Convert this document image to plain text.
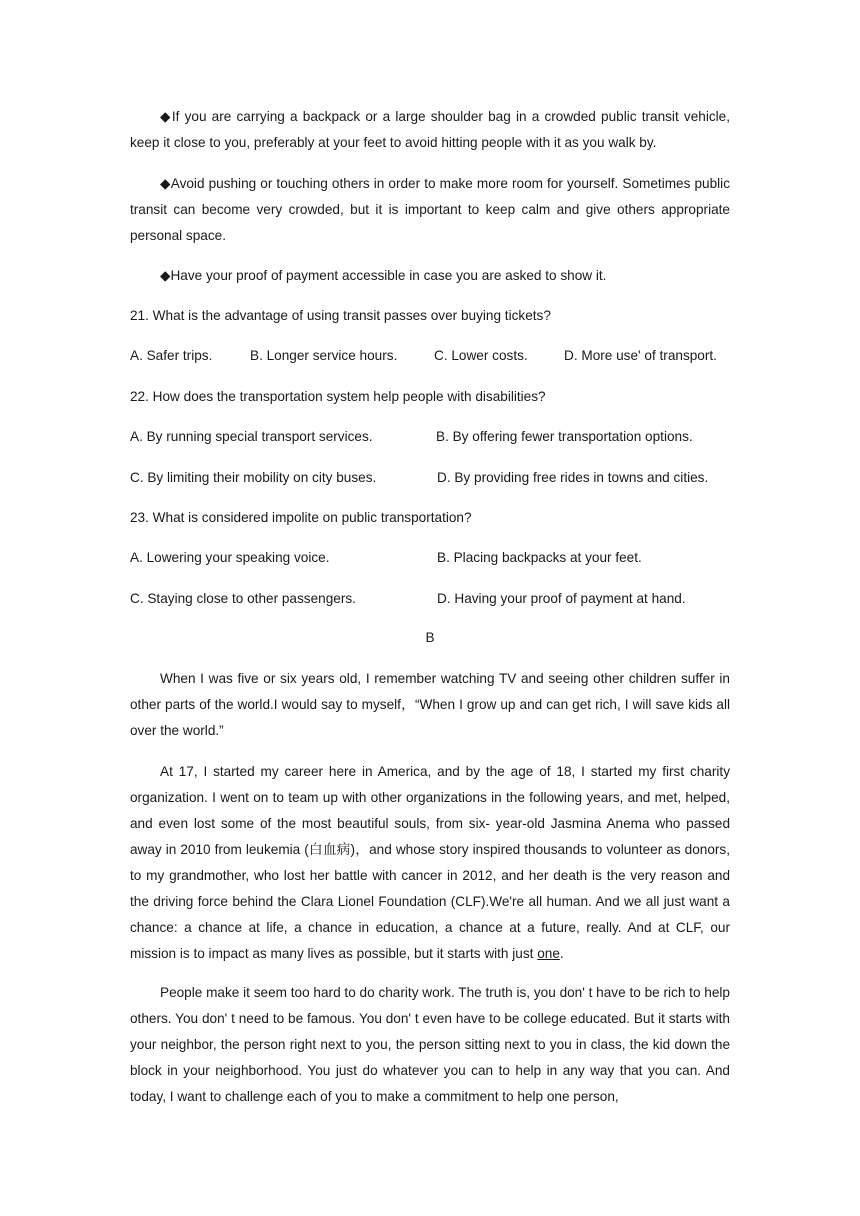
◆If you are carrying a backpack or a large shoulder bag in a crowded public transit vehicle, keep it close to you, preferably at your feet to avoid hitting people with it as you walk by.

◆Avoid pushing or touching others in order to make more room for yourself. Sometimes public transit can become very crowded, but it is important to keep calm and give others appropriate personal space.

◆Have your proof of payment accessible in case you are asked to show it.

21. What is the advantage of using transit passes over buying tickets?
A. Safer trips.	B. Longer service hours.	C. Lower costs.	D. More use' of transport.
22. How does the transportation system help people with disabilities?
A. By running special transport services.	B. By offering fewer transportation options.
C. By limiting their mobility on city buses.	D. By providing free rides in towns and cities.
23. What is considered impolite on public transportation?
A. Lowering your speaking voice.	B. Placing backpacks at your feet.
C. Staying close to other passengers.	D. Having your proof of payment at hand.
B

When I was five or six years old, I remember watching TV and seeing other children suffer in other parts of the world.I would say to myself，“When I grow up and can get rich, I will save kids all over the world.”

At 17, I started my career here in America, and by the age of 18, I started my first charity organization. I went on to team up with other organizations in the following years, and met, helped, and even lost some of the most beautiful souls, from six- year-old Jasmina Anema who passed away in 2010 from leukemia (白血病)，and whose story inspired thousands to volunteer as donors, to my grandmother, who lost her battle with cancer in 2012, and her death is the very reason and the driving force behind the Clara Lionel Foundation (CLF).We're all human. And we all just want a chance: a chance at life, a chance in education, a chance at a future, really. And at CLF, our mission is to impact as many lives as possible, but it starts with just one.

People make it seem too hard to do charity work. The truth is, you don' t have to be rich to help others. You don' t need to be famous. You don' t even have to be college educated. But it starts with your neighbor, the person right next to you, the person sitting next to you in class, the kid down the block in your neighborhood. You just do whatever you can to help in any way that you can. And today, I want to challenge each of you to make a commitment to help one person,
